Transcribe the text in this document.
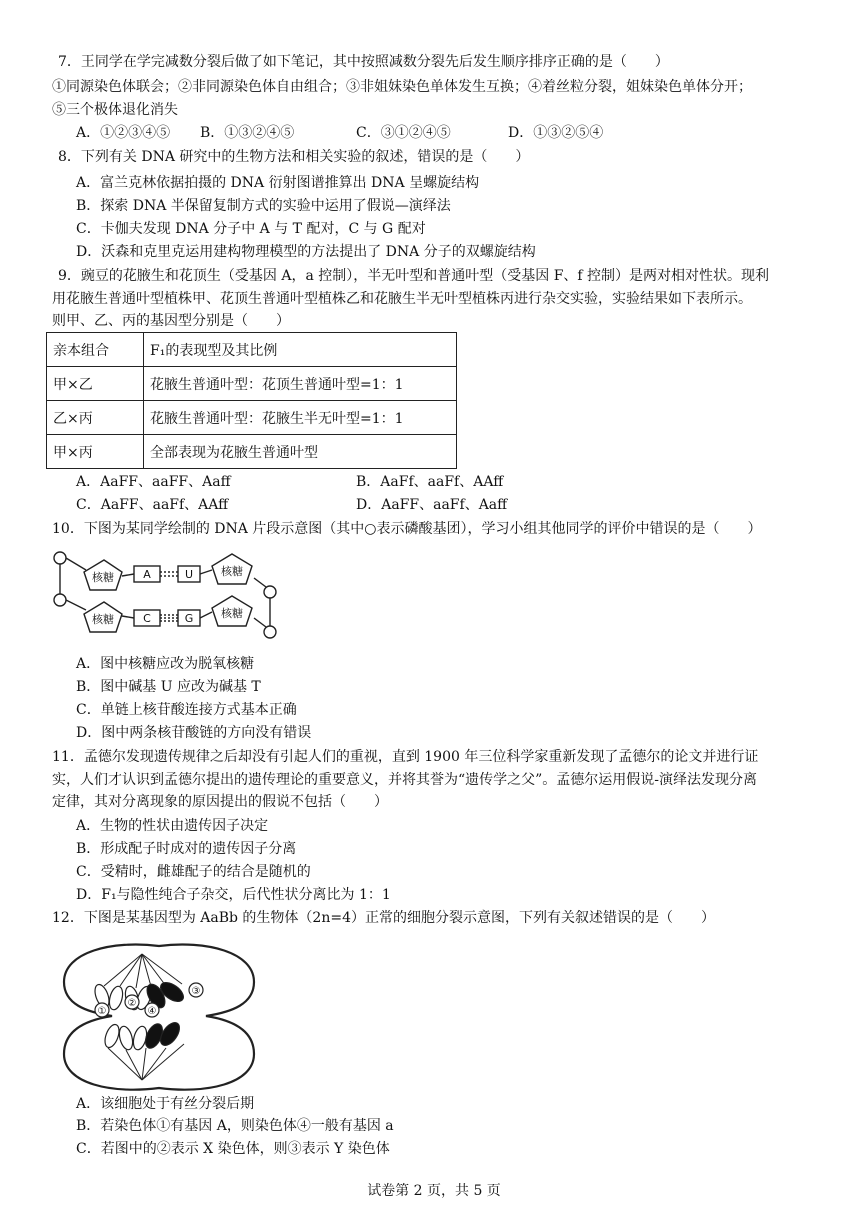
7．王同学在学完减数分裂后做了如下笔记，其中按照减数分裂先后发生顺序排序正确的是（　　）
①同源染色体联会；②非同源染色体自由组合；③非姐妹染色单体发生互换；④着丝粒分裂，姐妹染色单体分开；
⑤三个极体退化消失
A．①②③④⑤ B．①③②④⑤	C．③①②④⑤	D．①③②⑤④
8．下列有关 DNA 研究中的生物方法和相关实验的叙述，错误的是（　　）
A．富兰克林依据拍摄的 DNA 衍射图谱推算出 DNA 呈螺旋结构
B．探索 DNA 半保留复制方式的实验中运用了假说—演绎法
C．卡伽夫发现 DNA 分子中 A 与 T 配对，C 与 G 配对
D．沃森和克里克运用建构物理模型的方法提出了 DNA 分子的双螺旋结构
9．豌豆的花腋生和花顶生（受基因 A，a 控制），半无叶型和普通叶型（受基因 F、f 控制）是两对相对性状。现利
用花腋生普通叶型植株甲、花顶生普通叶型植株乙和花腋生半无叶型植株丙进行杂交实验，实验结果如下表所示。
则甲、乙、丙的基因型分别是（　　）
亲本组合	F₁的表现型及其比例
甲×乙	花腋生普通叶型：花顶生普通叶型=1：1
乙×丙	花腋生普通叶型：花腋生半无叶型=1：1
甲×丙	全部表现为花腋生普通叶型
A．AaFF、aaFF、Aaff	B．AaFf、aaFf、AAff
C．AaFF、aaFf、AAff	D．AaFF、aaFf、Aaff
10．下图为某同学绘制的 DNA 片段示意图（其中○表示磷酸基团），学习小组其他同学的评价中错误的是（　　）
核糖
核糖
核糖
核糖
A	U
C	G
A．图中核糖应改为脱氧核糖
B．图中碱基 U 应改为碱基 T
C．单链上核苷酸连接方式基本正确
D．图中两条核苷酸链的方向没有错误
11．孟德尔发现遗传规律之后却没有引起人们的重视，直到 1900 年三位科学家重新发现了孟德尔的论文并进行证
实，人们才认识到孟德尔提出的遗传理论的重要意义，并将其誉为“遗传学之父”。孟德尔运用假说-演绎法发现分离
定律，其对分离现象的原因提出的假说不包括（　　）
A．生物的性状由遗传因子决定
B．形成配子时成对的遗传因子分离
C．受精时，雌雄配子的结合是随机的
D．F₁与隐性纯合子杂交，后代性状分离比为 1：1
12．下图是某基因型为 AaBb 的生物体（2n=4）正常的细胞分裂示意图，下列有关叙述错误的是（　　）
①
②
③
④
A．该细胞处于有丝分裂后期
B．若染色体①有基因 A，则染色体④一般有基因 a
C．若图中的②表示 X 染色体，则③表示 Y 染色体
试卷第 2 页，共 5 页
